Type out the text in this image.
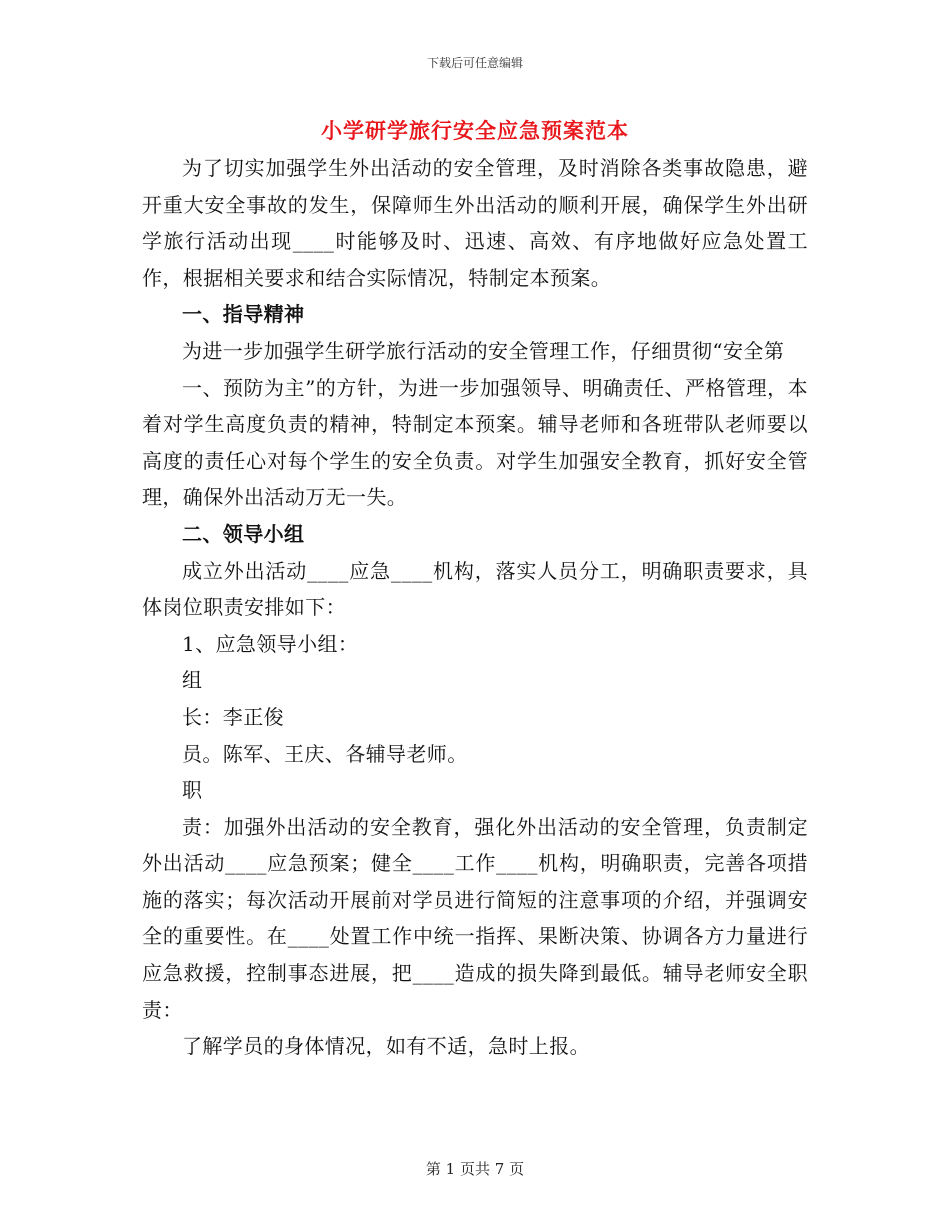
下载后可任意编辑
小学研学旅行安全应急预案范本

为了切实加强学生外出活动的安全管理，及时消除各类事故隐患，避开重大安全事故的发生，保障师生外出活动的顺利开展，确保学生外出研学旅行活动出现____时能够及时、迅速、高效、有序地做好应急处置工作，根据相关要求和结合实际情况，特制定本预案。

一、指导精神

为进一步加强学生研学旅行活动的安全管理工作，仔细贯彻“安全第

一、预防为主”的方针，为进一步加强领导、明确责任、严格管理，本着对学生高度负责的精神，特制定本预案。辅导老师和各班带队老师要以高度的责任心对每个学生的安全负责。对学生加强安全教育，抓好安全管理，确保外出活动万无一失。

二、领导小组

成立外出活动____应急____机构，落实人员分工，明确职责要求，具体岗位职责安排如下：

1、应急领导小组：

组

长：李正俊

员。陈军、王庆、各辅导老师。

职

责：加强外出活动的安全教育，强化外出活动的安全管理，负责制定外出活动____应急预案；健全____工作____机构，明确职责，完善各项措施的落实；每次活动开展前对学员进行简短的注意事项的介绍，并强调安全的重要性。在____处置工作中统一指挥、果断决策、协调各方力量进行应急救援，控制事态进展，把____造成的损失降到最低。辅导老师安全职责：

了解学员的身体情况，如有不适，急时上报。

第 1 页共 7 页
